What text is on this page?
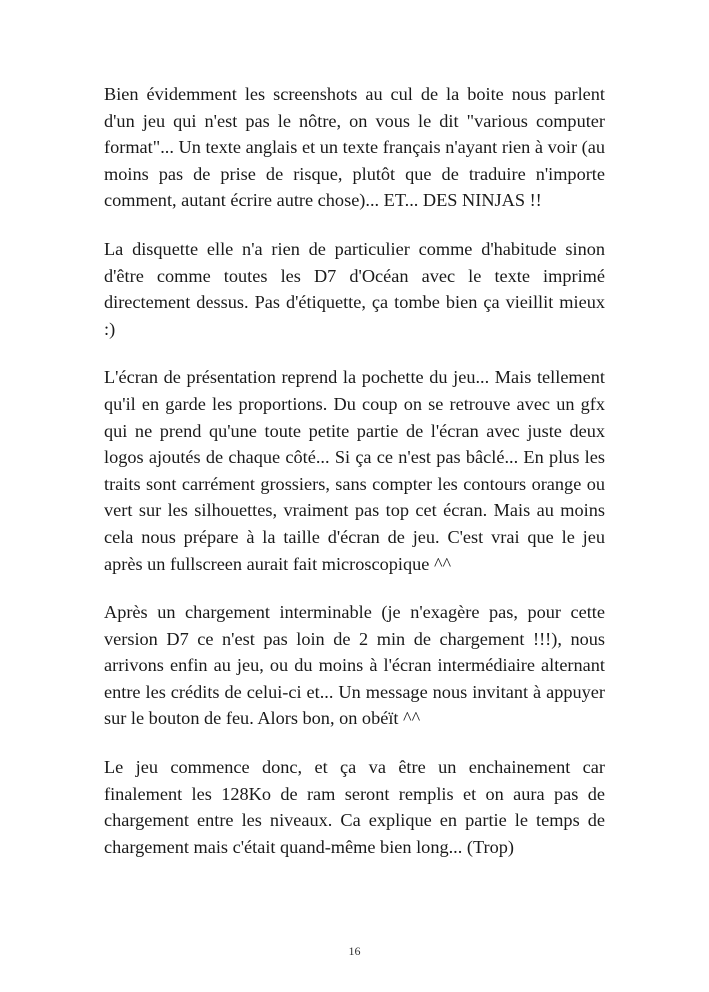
Bien évidemment les screenshots au cul de la boite nous parlent d'un jeu qui n'est pas le nôtre, on vous le dit "various computer format"... Un texte anglais et un texte français n'ayant rien à voir (au moins pas de prise de risque, plutôt que de traduire n'importe comment, autant écrire autre chose)... ET... DES NINJAS !!

La disquette elle n'a rien de particulier comme d'habitude sinon d'être comme toutes les D7 d'Océan avec le texte imprimé directement dessus. Pas d'étiquette, ça tombe bien ça vieillit mieux :)

L'écran de présentation reprend la pochette du jeu... Mais tellement qu'il en garde les proportions. Du coup on se retrouve avec un gfx qui ne prend qu'une toute petite partie de l'écran avec juste deux logos ajoutés de chaque côté... Si ça ce n'est pas bâclé... En plus les traits sont carrément grossiers, sans compter les contours orange ou vert sur les silhouettes, vraiment pas top cet écran. Mais au moins cela nous prépare à la taille d'écran de jeu. C'est vrai que le jeu après un fullscreen aurait fait microscopique ^^

Après un chargement interminable (je n'exagère pas, pour cette version D7 ce n'est pas loin de 2 min de chargement !!!), nous arrivons enfin au jeu, ou du moins à l'écran intermédiaire alternant entre les crédits de celui-ci et... Un message nous invitant à appuyer sur le bouton de feu. Alors bon, on obéït ^^

Le jeu commence donc, et ça va être un enchainement car finalement les 128Ko de ram seront remplis et on aura pas de chargement entre les niveaux. Ca explique en partie le temps de chargement mais c'était quand-même bien long... (Trop)

16
